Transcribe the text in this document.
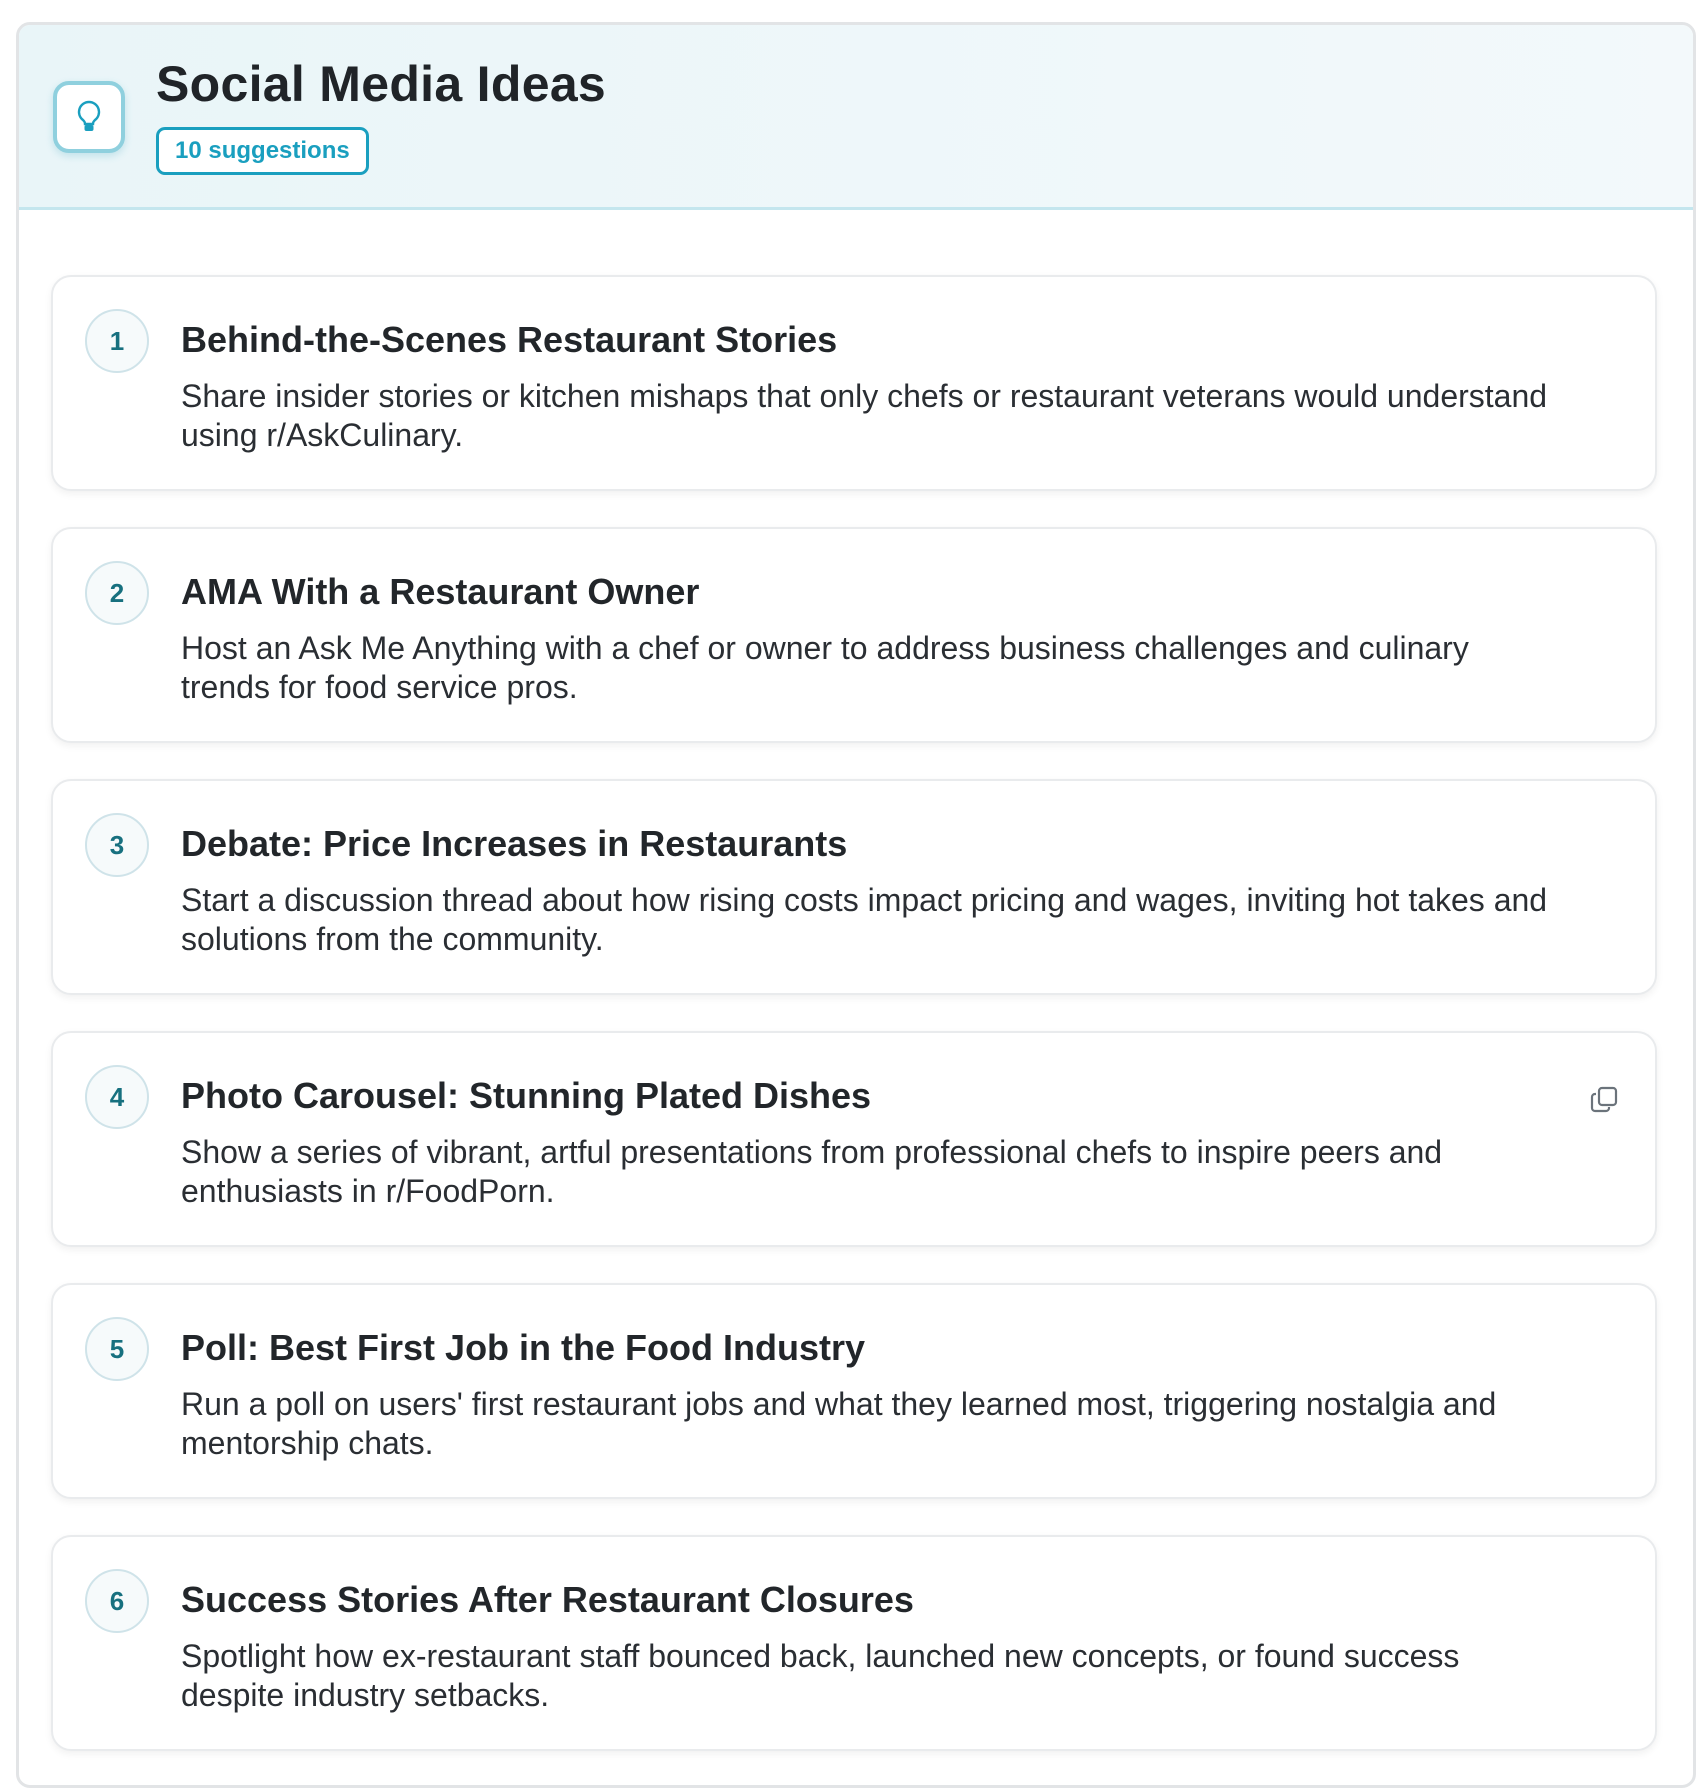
Social Media Ideas
10 suggestions
1	Behind-the-Scenes Restaurant Stories
Share insider stories or kitchen mishaps that only chefs or restaurant veterans would understand using r/AskCulinary.
2	AMA With a Restaurant Owner
Host an Ask Me Anything with a chef or owner to address business challenges and culinary trends for food service pros.
3	Debate: Price Increases in Restaurants
Start a discussion thread about how rising costs impact pricing and wages, inviting hot takes and solutions from the community.
4	Photo Carousel: Stunning Plated Dishes
Show a series of vibrant, artful presentations from professional chefs to inspire peers and enthusiasts in r/FoodPorn.
5	Poll: Best First Job in the Food Industry
Run a poll on users' first restaurant jobs and what they learned most, triggering nostalgia and mentorship chats.
6	Success Stories After Restaurant Closures
Spotlight how ex-restaurant staff bounced back, launched new concepts, or found success despite industry setbacks.
